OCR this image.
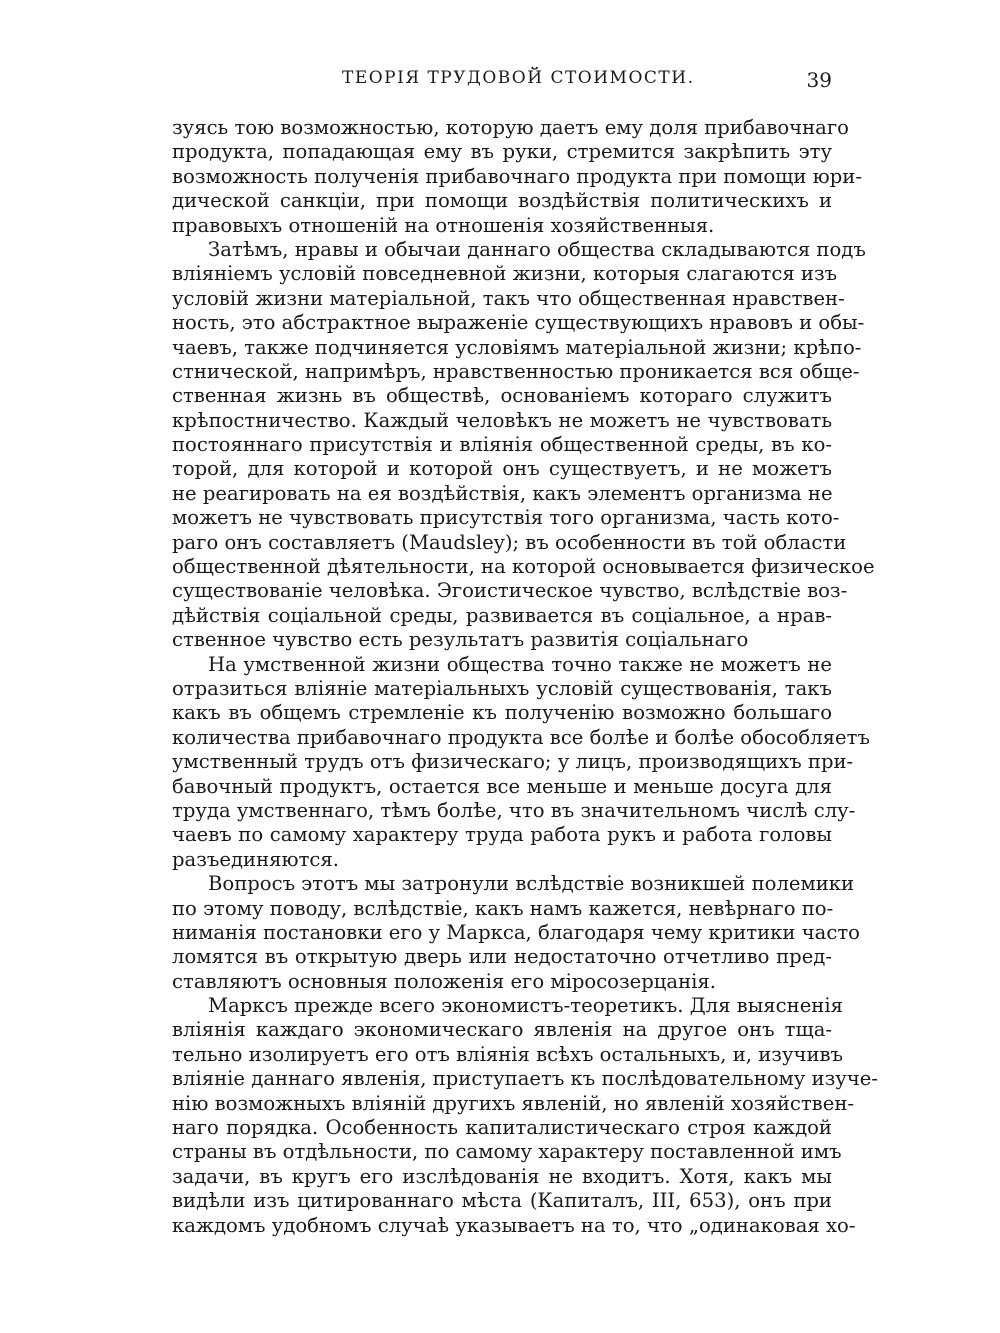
ТЕОРІЯ ТРУДОВОЙ СТОИМОСТИ.	39
зуясь тою возможностью, которую даетъ ему доля прибавочнаго
продукта, попадающая ему въ руки, стремится закрѣпить эту
возможность полученія прибавочнаго продукта при помощи юри-
дической санкціи, при помощи воздѣйствія политическихъ и
правовыхъ отношеній на отношенія хозяйственныя.
Затѣмъ, нравы и обычаи даннаго общества складываются подъ
вліяніемъ условій повседневной жизни, которыя слагаются изъ
условій жизни матеріальной, такъ что общественная нравствен-
ность, это абстрактное выраженіе существующихъ нравовъ и обы-
чаевъ, также подчиняется условіямъ матеріальной жизни; крѣпо-
стнической, напримѣръ, нравственностью проникается вся обще-
ственная жизнь въ обществѣ, основаніемъ котораго служитъ
крѣпостничество. Каждый человѣкъ не можетъ не чувствовать
постояннаго присутствія и вліянія общественной среды, въ ко-
торой, для которой и которой онъ существуетъ, и не можетъ
не реагировать на ея воздѣйствія, какъ элементъ организма не
можетъ не чувствовать присутствія того организма, часть кото-
раго онъ составляетъ (Maudsley); въ особенности въ той области
общественной дѣятельности, на которой основывается физическое
существованіе человѣка. Эгоистическое чувство, вслѣдствіе воз-
дѣйствія соціальной среды, развивается въ соціальное, а нрав-
ственное чувство есть результатъ развитія соціальнаго
На умственной жизни общества точно также не можетъ не
отразиться вліяніе матеріальныхъ условій существованія, такъ
какъ въ общемъ стремленіе къ полученію возможно большаго
количества прибавочнаго продукта все болѣе и болѣе обособляетъ
умственный трудъ отъ физическаго; у лицъ, производящихъ при-
бавочный продуктъ, остается все меньше и меньше досуга для
труда умственнаго, тѣмъ болѣе, что въ значительномъ числѣ слу-
чаевъ по самому характеру труда работа рукъ и работа головы
разъединяются.
Вопросъ этотъ мы затронули вслѣдствіе возникшей полемики
по этому поводу, вслѣдствіе, какъ намъ кажется, невѣрнаго по-
ниманія постановки его у Маркса, благодаря чему критики часто
ломятся въ открытую дверь или недостаточно отчетливо пред-
ставляютъ основныя положенія его міросозерцанія.
Марксъ прежде всего экономистъ-теоретикъ. Для выясненія
вліянія каждаго экономическаго явленія на другое онъ тща-
тельно изолируетъ его отъ вліянія всѣхъ остальныхъ, и, изучивъ
вліяніе даннаго явленія, приступаетъ къ послѣдовательному изуче-
нію возможныхъ вліяній другихъ явленій, но явленій хозяйствен-
наго порядка. Особенность капиталистическаго строя каждой
страны въ отдѣльности, по самому характеру поставленной имъ
задачи, въ кругъ его изслѣдованія не входитъ. Хотя, какъ мы
видѣли изъ цитированнаго мѣста (Капиталъ, III, 653), онъ при
каждомъ удобномъ случаѣ указываетъ на то, что „одинаковая хо-
